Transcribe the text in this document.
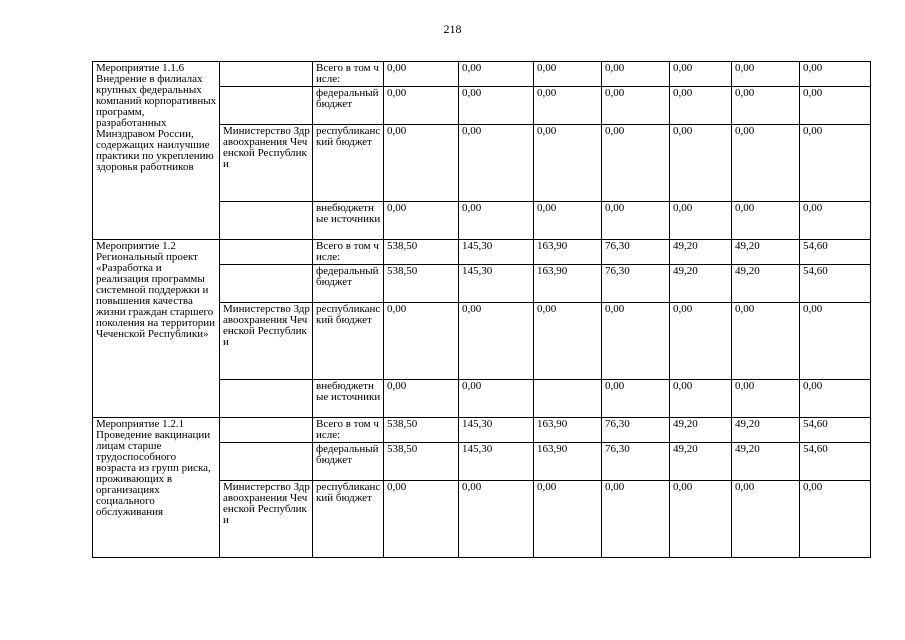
218
Мероприятие 1.1.6 Внедрение в филиалах крупных федеральных компаний корпоративных программ, разработанных Минздравом России, содержащих наилучшие практики по укреплению здоровья работников		Всего в том числе:	0,00	0,00	0,00	0,00	0,00	0,00	0,00
		федеральный бюджет	0,00	0,00	0,00	0,00	0,00	0,00	0,00
	Министерство Здравоохранения Чеченской Республики	республиканский бюджет	0,00	0,00	0,00	0,00	0,00	0,00	0,00
		внебюджетные источники	0,00	0,00	0,00	0,00	0,00	0,00	0,00
Мероприятие 1.2 Региональный проект «Разработка и реализация программы системной поддержки и повышения качества жизни граждан старшего поколения на территории Чеченской Республики»		Всего в том числе:	538,50	145,30	163,90	76,30	49,20	49,20	54,60
		федеральный бюджет	538,50	145,30	163,90	76,30	49,20	49,20	54,60
	Министерство Здравоохранения Чеченской Республики	республиканский бюджет	0,00	0,00	0,00	0,00	0,00	0,00	0,00
		внебюджетные источники	0,00	0,00		0,00	0,00	0,00	0,00
Мероприятие 1.2.1 Проведение вакцинации лицам старше трудоспособного возраста из групп риска, проживающих в организациях социального обслуживания		Всего в том числе:	538,50	145,30	163,90	76,30	49,20	49,20	54,60
		федеральный бюджет	538,50	145,30	163,90	76,30	49,20	49,20	54,60
	Министерство Здравоохранения Чеченской Республики	республиканский бюджет	0,00	0,00	0,00	0,00	0,00	0,00	0,00
